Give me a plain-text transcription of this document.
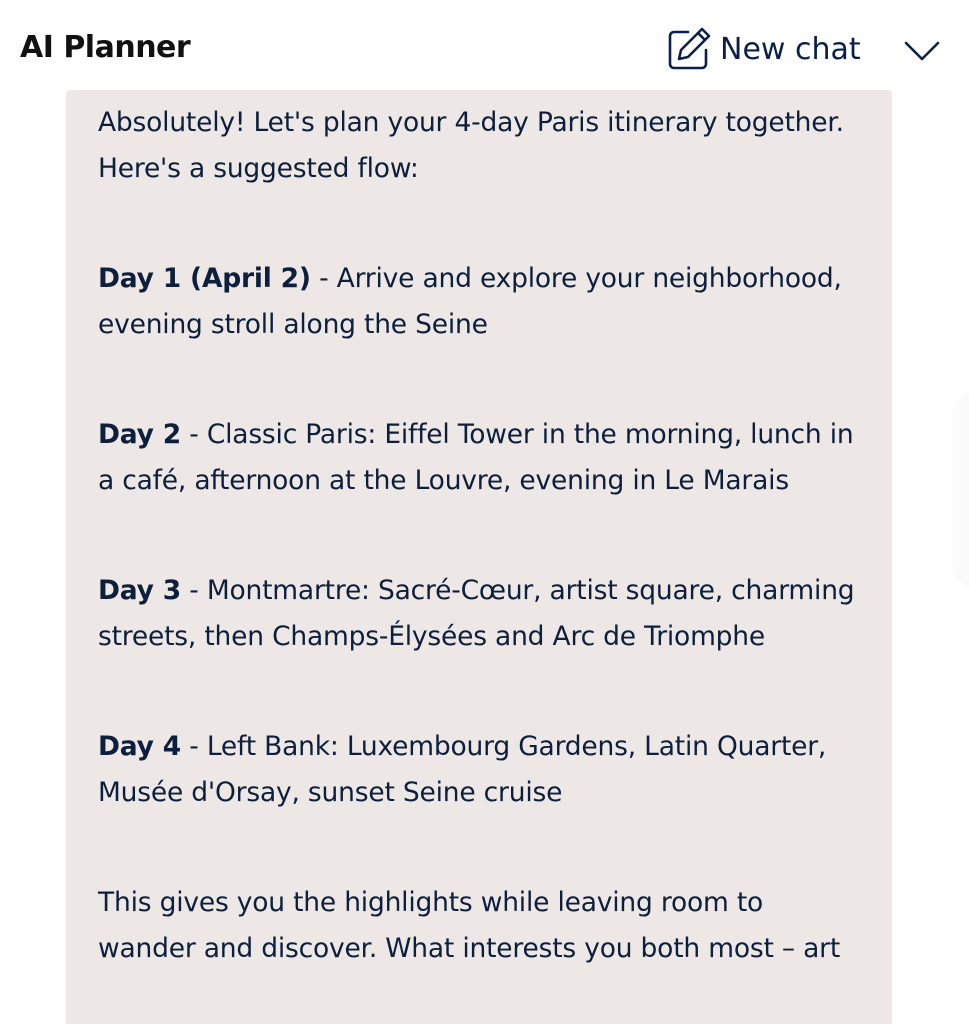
AI Planner	New chat

Absolutely! Let's plan your 4-day Paris itinerary together. Here's a suggested flow:

Day 1 (April 2) - Arrive and explore your neighborhood, evening stroll along the Seine

Day 2 - Classic Paris: Eiffel Tower in the morning, lunch in a café, afternoon at the Louvre, evening in Le Marais

Day 3 - Montmartre: Sacré-Cœur, artist square, charming streets, then Champs-Élysées and Arc de Triomphe

Day 4 - Left Bank: Luxembourg Gardens, Latin Quarter, Musée d'Orsay, sunset Seine cruise

This gives you the highlights while leaving room to wander and discover. What interests you both most – art
